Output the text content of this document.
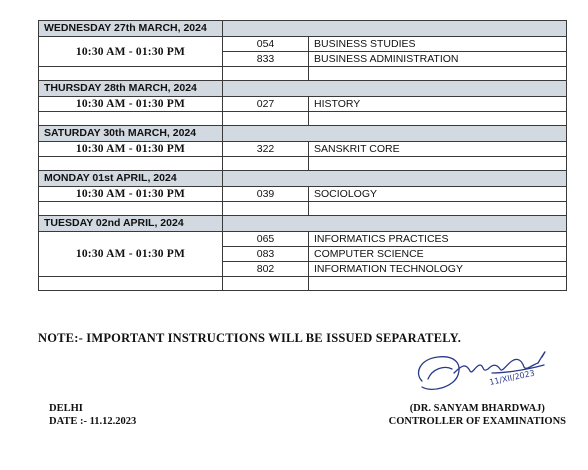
WEDNESDAY 27th MARCH, 2024		
10:30 AM - 01:30 PM	054	BUSINESS STUDIES
	833	BUSINESS ADMINISTRATION

THURSDAY 28th MARCH, 2024		
10:30 AM - 01:30 PM	027	HISTORY

SATURDAY 30th MARCH, 2024		
10:30 AM - 01:30 PM	322	SANSKRIT CORE

MONDAY 01st APRIL, 2024		
10:30 AM - 01:30 PM	039	SOCIOLOGY

TUESDAY 02nd APRIL, 2024		
10:30 AM - 01:30 PM	065	INFORMATICS PRACTICES
	083	COMPUTER SCIENCE
	802	INFORMATION TECHNOLOGY

NOTE:- IMPORTANT INSTRUCTIONS WILL BE ISSUED SEPARATELY.
DELHI
DATE :- 11.12.2023
11/XII/2023
(DR. SANYAM BHARDWAJ)
CONTROLLER OF EXAMINATIONS
